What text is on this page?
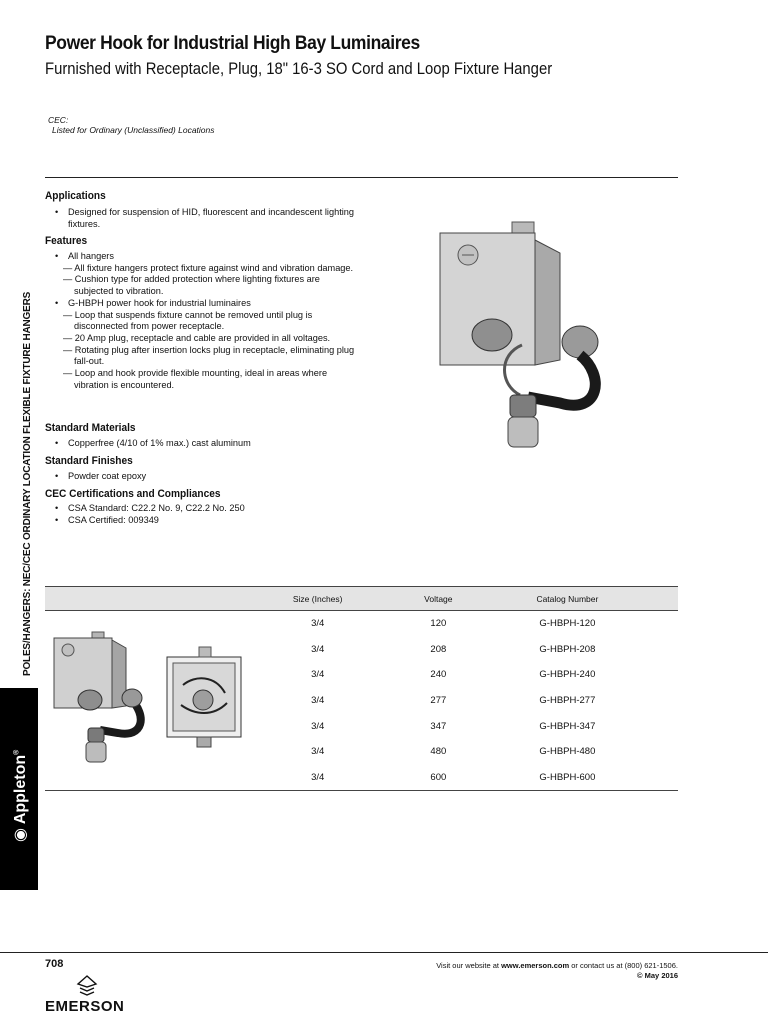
Power Hook for Industrial High Bay Luminaires
Furnished with Receptacle, Plug, 18" 16-3 SO Cord and Loop Fixture Hanger
CEC:
Listed for Ordinary (Unclassified) Locations
Applications
• Designed for suspension of HID, fluorescent and incandescent lighting fixtures.
Features
• All hangers
— All fixture hangers protect fixture against wind and vibration damage.
— Cushion type for added protection where lighting fixtures are subjected to vibration.
• G-HBPH power hook for industrial luminaires
— Loop that suspends fixture cannot be removed until plug is disconnected from power receptacle.
— 20 Amp plug, receptacle and cable are provided in all voltages.
— Rotating plug after insertion locks plug in receptacle, eliminating plug fall-out.
— Loop and hook provide flexible mounting, ideal in areas where vibration is encountered.
Standard Materials
• Copperfree (4/10 of 1% max.) cast aluminum
Standard Finishes
• Powder coat epoxy
CEC Certifications and Compliances
• CSA Standard: C22.2 No. 9, C22.2 No. 250
• CSA Certified: 009349
	Size (Inches)	Voltage	Catalog Number
	3/4	120	G-HBPH-120
	3/4	208	G-HBPH-208
	3/4	240	G-HBPH-240
	3/4	277	G-HBPH-277
	3/4	347	G-HBPH-347
	3/4	480	G-HBPH-480
	3/4	600	G-HBPH-600
POLES/HANGERS: NEC/CEC ORDINARY LOCATION FLEXIBLE FIXTURE HANGERS
◉ Appleton®
708	Visit our website at www.emerson.com or contact us at (800) 621-1506.
© May 2016
EMERSON
